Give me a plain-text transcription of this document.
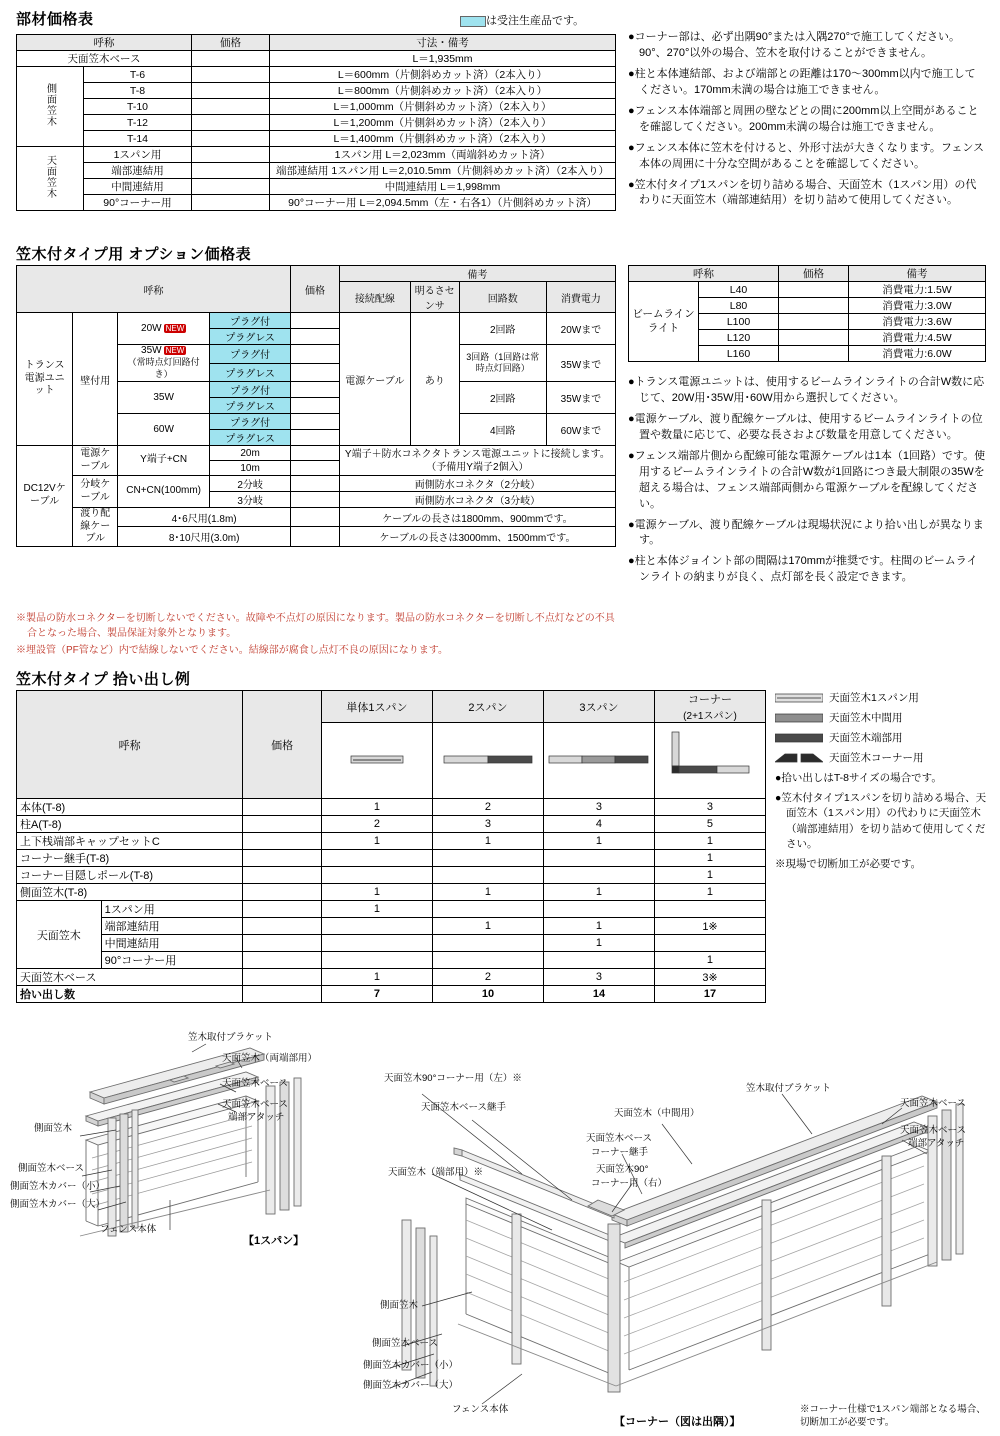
は受注生産品です。
部材価格表
呼称		価格	寸法・備考
天面笠木ベース			L＝1,935mm
側面笠木	T-6		L＝600mm（片側斜めカット済）（2本入り）
	T-8		L＝800mm（片側斜めカット済）（2本入り）
	T-10		L＝1,000mm（片側斜めカット済）（2本入り）
	T-12		L＝1,200mm（片側斜めカット済）（2本入り）
	T-14		L＝1,400mm（片側斜めカット済）（2本入り）
天面笠木	1スパン用		1スパン用 L＝2,023mm（両端斜めカット済）
	端部連結用		端部連結用 1スパン用 L＝2,010.5mm（片側斜めカット済）（2本入り）
	中間連結用		中間連結用 L＝1,998mm
	90°コーナー用		90°コーナー用 L＝2,094.5mm（左・右各1）（片側斜めカット済）

●コーナー部は、必ず出隅90°または入隅270°で施工してください。90°、270°以外の場合、笠木を取付けることができません。

●柱と本体連結部、および端部との距離は170～300mm以内で施工してください。170mm未満の場合は施工できません。

●フェンス本体端部と周囲の壁などとの間に200mm以上空間があることを確認してください。200mm未満の場合は施工できません。

●フェンス本体に笠木を付けると、外形寸法が大きくなります。フェンス本体の周囲に十分な空間があることを確認してください。

●笠木付タイプ1スパンを切り詰める場合、天面笠木（1スパン用）の代わりに天面笠木（端部連結用）を切り詰めて使用してください。

笠木付タイプ用 オプション価格表
呼称				価格	備考			
					接続配線	明るさセンサ	回路数	消費電力
トランス電源ユニット	壁付用	20W NEW	プラグ付		電源ケーブル	あり	2回路	20Wまで
			プラグレス					
		35W NEW
（常時点灯回路付き）	プラグ付				3回路（1回路は常時点灯回路）	35Wまで
			プラグレス					
		35W	プラグ付				2回路	35Wまで
			プラグレス					
		60W	プラグ付				4回路	60Wまで
			プラグレス					
DC12Vケーブル	電源ケーブル	Y端子+CN	20m		Y端子＋防水コネクタトランス電源ユニットに接続します。（予備用Y端子2個入）			
			10m					
	分岐ケーブル	CN+CN(100mm)	2分岐		両側防水コネクタ（2分岐）			
			3分岐		両側防水コネクタ（3分岐）			
	渡り配線ケーブル	4･6尺用(1.8m)			ケーブルの長さは1800mm、900mmです。			
		8･10尺用(3.0m)			ケーブルの長さは3000mm、1500mmです。			

※製品の防水コネクターを切断しないでください。故障や不点灯の原因になります。製品の防水コネクターを切断し不点灯などの不具合となった場合、製品保証対象外となります。

※埋設管（PF管など）内で結線しないでください。結線部が腐食し点灯不良の原因になります。

呼称		価格	備考
ビームラインライト	L40		消費電力:1.5W
	L80		消費電力:3.0W
	L100		消費電力:3.6W
	L120		消費電力:4.5W
	L160		消費電力:6.0W

●トランス電源ユニットは、使用するビームラインライトの合計W数に応じて、20W用･35W用･60W用から選択してください。

●電源ケーブル、渡り配線ケーブルは、使用するビームラインライトの位置や数量に応じて、必要な長さおよび数量を用意してください。

●フェンス端部片側から配線可能な電源ケーブルは1本（1回路）です。使用するビームラインライトの合計W数が1回路につき最大制限の35Wを超える場合は、フェンス端部両側から電源ケーブルを配線してください。

●電源ケーブル、渡り配線ケーブルは現場状況により拾い出しが異なります。

●柱と本体ジョイント部の間隔は170mmが推奨です。柱間のビームラインライトの納まりが良く、点灯部を長く設定できます。

笠木付タイプ 拾い出し例
呼称		価格	単体1スパン	2スパン	3スパン	コーナー
(2+1スパン)

本体(T-8)			1	2	3	3
柱A(T-8)			2	3	4	5
上下桟端部キャップセットC			1	1	1	1
コーナー継手(T-8)						1
コーナー目隠しポール(T-8)						1
側面笠木(T-8)			1	1	1	1
天面笠木	1スパン用		1			
	端部連結用			1	1	1※
	中間連結用				1	
	90°コーナー用					1
天面笠木ベース			1	2	3	3※
拾い出し数			7	10	14	17
天面笠木1スパン用
天面笠木中間用
天面笠木端部用
天面笠木コーナー用

●拾い出しはT-8サイズの場合です。

●笠木付タイプ1スパンを切り詰める場合、天面笠木（1スパン用）の代わりに天面笠木（端部連結用）を切り詰めて使用してください。

※現場で切断加工が必要です。

笠木取付ブラケット
天面笠木（両端部用）
天面笠木ベース
天面笠木ベース
端部アタッチ
側面笠木
側面笠木ベース
側面笠木カバー（小）
側面笠木カバー（大）
フェンス本体
【1スパン】
天面笠木90°コーナー用（左）※
天面笠木ベース継手
天面笠木（中間用）
天面笠木ベース
コーナー継手
天面笠木（端部用）※	天面笠木90°
コーナー用（右）
笠木取付ブラケット
天面笠木ベース
天面笠木ベース
端部アタッチ
側面笠木
側面笠木ベース
側面笠木カバー（小）
側面笠木カバー（大）
フェンス本体
【コーナー（図は出隅）】
※コーナー仕様で1スパン端部となる場合、切断加工が必要です。
